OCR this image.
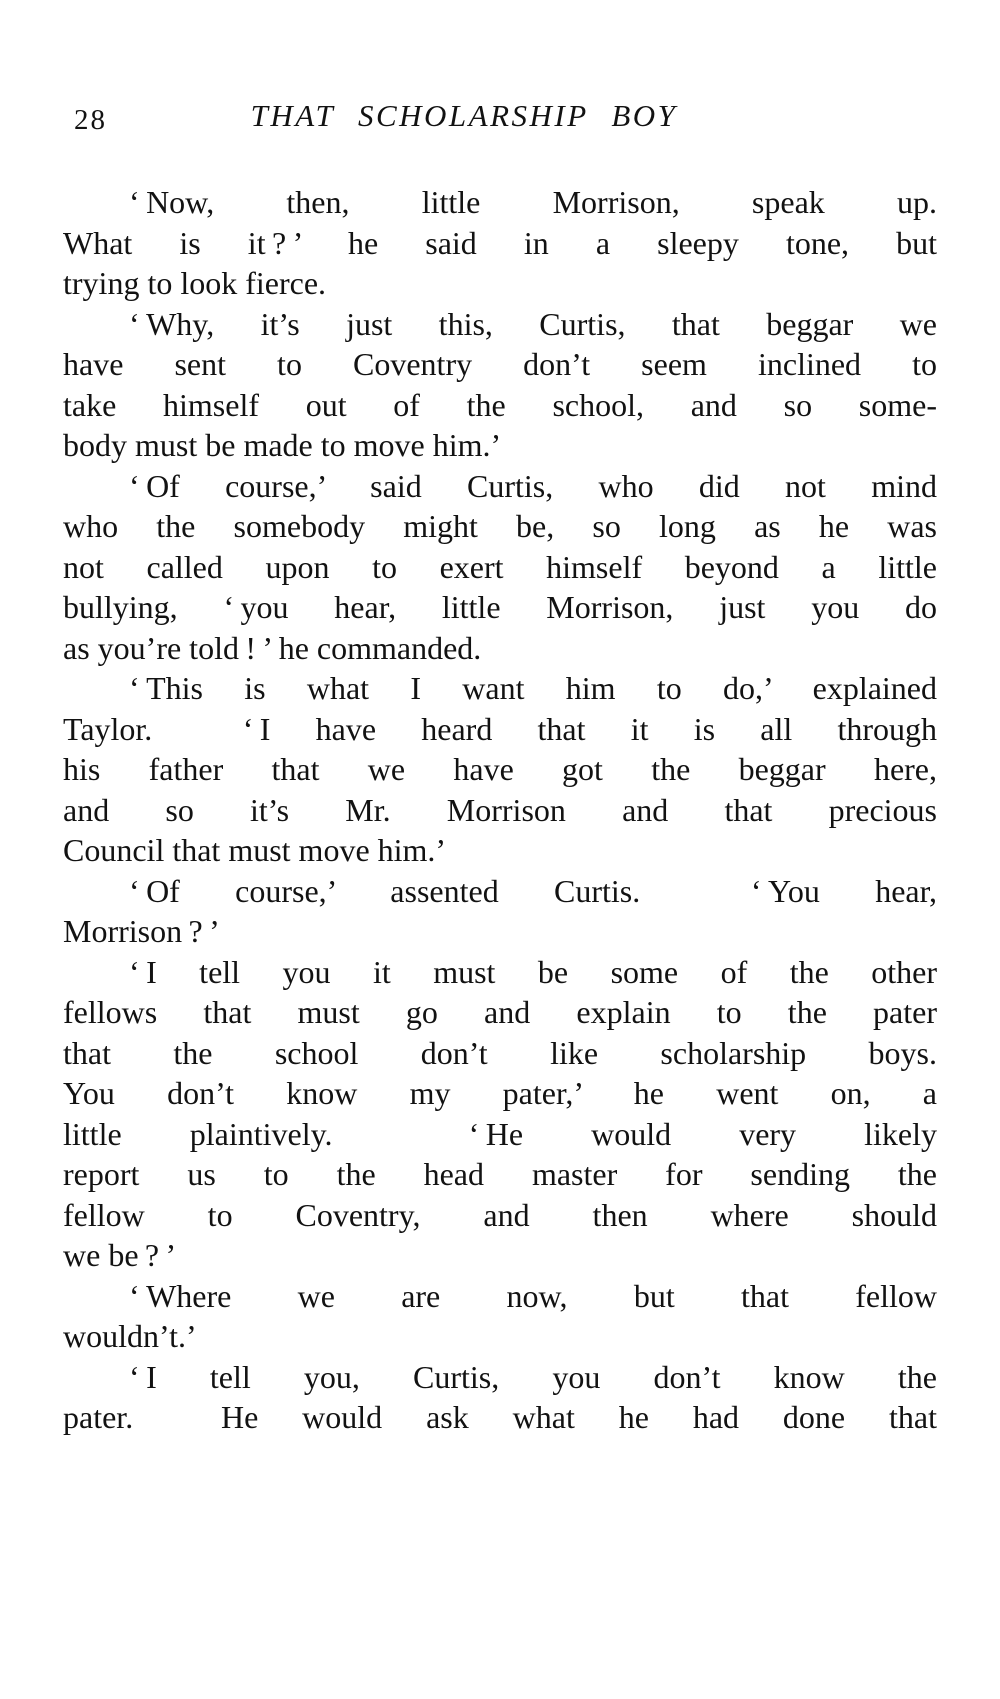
28	THAT SCHOLARSHIP BOY
‘ Now, then, little Morrison, speak up.
What is it ? ’ he said in a sleepy tone, but
trying to look fierce.
‘ Why, it’s just this, Curtis, that beggar we
have sent to Coventry don’t seem inclined to
take himself out of the school, and so some-
body must be made to move him.’
‘ Of course,’ said Curtis, who did not mind
who the somebody might be, so long as he was
not called upon to exert himself beyond a little
bullying, ‘ you hear, little Morrison, just you do
as you’re told ! ’ he commanded.
‘ This is what I want him to do,’ explained
Taylor.  ‘ I have heard that it is all through
his father that we have got the beggar here,
and so it’s Mr. Morrison and that precious
Council that must move him.’
‘ Of course,’ assented Curtis.  ‘ You hear,
Morrison ? ’
‘ I tell you it must be some of the other
fellows that must go and explain to the pater
that the school don’t like scholarship boys.
You don’t know my pater,’ he went on, a
little plaintively.  ‘ He would very likely
report us to the head master for sending the
fellow to Coventry, and then where should
we be ? ’
‘ Where we are now, but that fellow
wouldn’t.’
‘ I tell you, Curtis, you don’t know the
pater.  He would ask what he had done that
